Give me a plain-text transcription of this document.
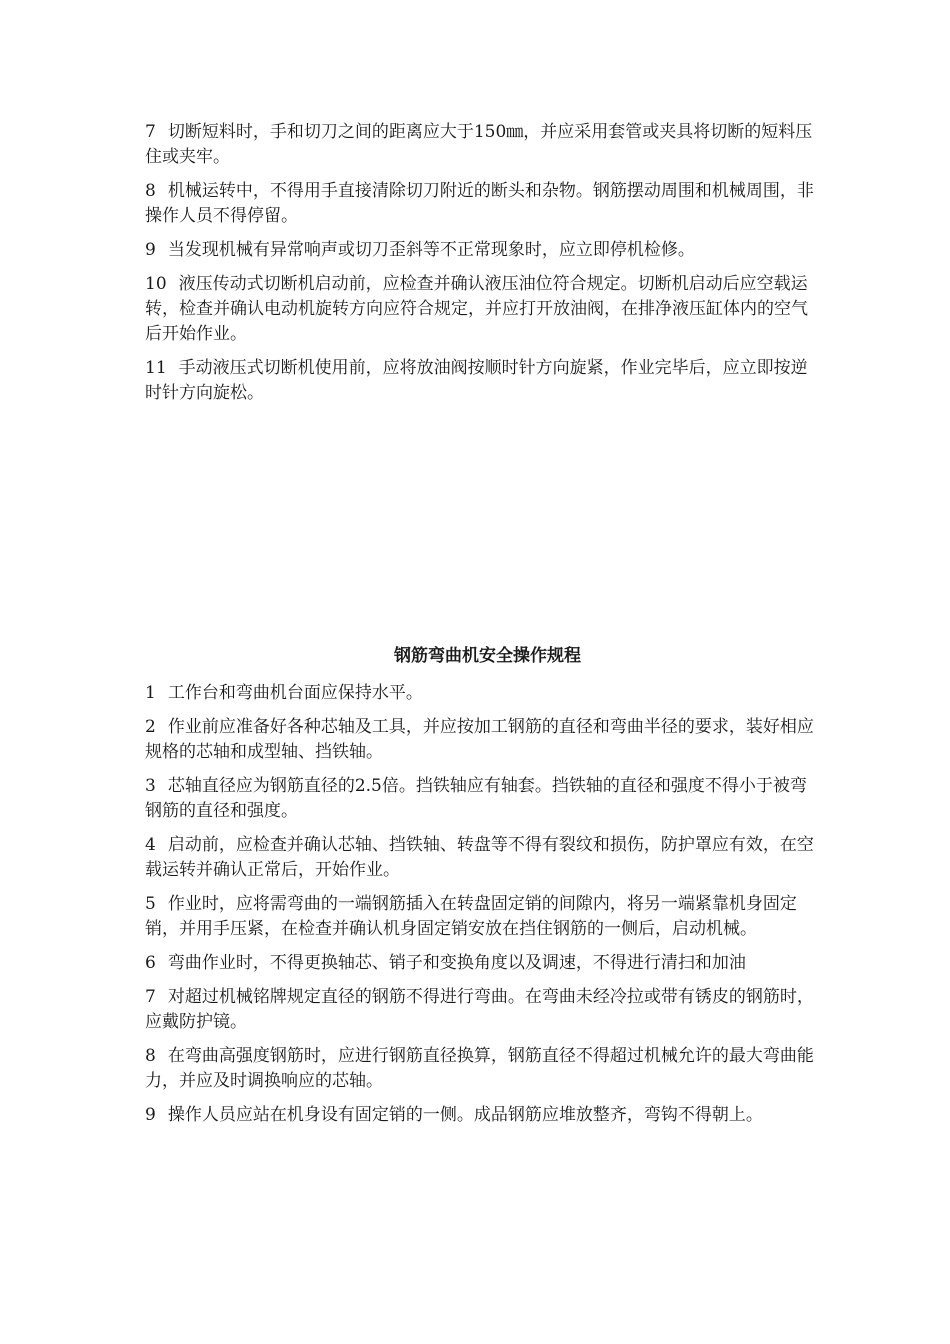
7 切断短料时，手和切刀之间的距离应大于150㎜，并应采用套管或夹具将切断的短料压住或夹牢。

8 机械运转中，不得用手直接清除切刀附近的断头和杂物。钢筋摆动周围和机械周围，非操作人员不得停留。

9 当发现机械有异常响声或切刀歪斜等不正常现象时，应立即停机检修。

10 液压传动式切断机启动前，应检查并确认液压油位符合规定。切断机启动后应空载运转，检查并确认电动机旋转方向应符合规定，并应打开放油阀，在排净液压缸体内的空气后开始作业。

11 手动液压式切断机使用前，应将放油阀按顺时针方向旋紧，作业完毕后，应立即按逆时针方向旋松。

钢筋弯曲机安全操作规程

1 工作台和弯曲机台面应保持水平。

2 作业前应准备好各种芯轴及工具，并应按加工钢筋的直径和弯曲半径的要求，装好相应规格的芯轴和成型轴、挡铁轴。

3 芯轴直径应为钢筋直径的2.5倍。挡铁轴应有轴套。挡铁轴的直径和强度不得小于被弯钢筋的直径和强度。

4 启动前，应检查并确认芯轴、挡铁轴、转盘等不得有裂纹和损伤，防护罩应有效，在空载运转并确认正常后，开始作业。

5 作业时，应将需弯曲的一端钢筋插入在转盘固定销的间隙内，将另一端紧靠机身固定销，并用手压紧，在检查并确认机身固定销安放在挡住钢筋的一侧后，启动机械。

6 弯曲作业时，不得更换轴芯、销子和变换角度以及调速，不得进行清扫和加油

7 对超过机械铭牌规定直径的钢筋不得进行弯曲。在弯曲未经冷拉或带有锈皮的钢筋时，应戴防护镜。

8 在弯曲高强度钢筋时，应进行钢筋直径换算，钢筋直径不得超过机械允许的最大弯曲能力，并应及时调换响应的芯轴。

9 操作人员应站在机身设有固定销的一侧。成品钢筋应堆放整齐，弯钩不得朝上。
